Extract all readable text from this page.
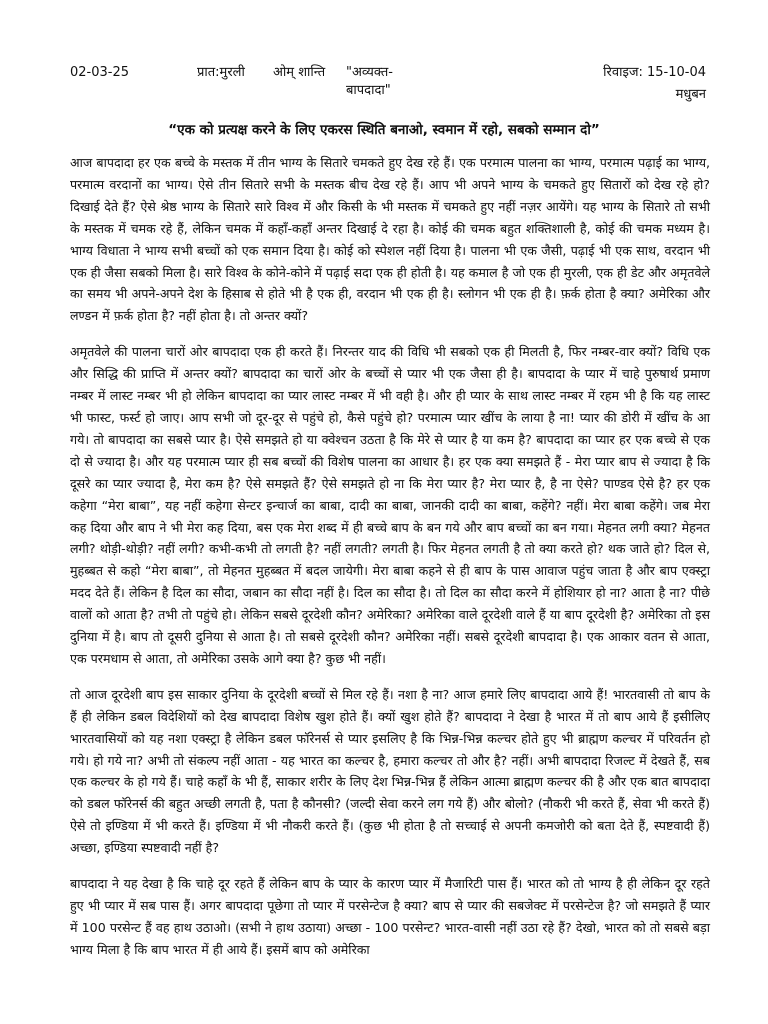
02-03-25	प्रात:मुरली ओम् शान्ति "अव्यक्त-बापदादा"
रिवाइज: 15-10-04
मधुबन
“एक को प्रत्यक्ष करने के लिए एकरस स्थिति बनाओ, स्वमान में रहो, सबको सम्मान दो”

आज बापदादा हर एक बच्चे के मस्तक में तीन भाग्य के सितारे चमकते हुए देख रहे हैं। एक परमात्म पालना का भाग्य, परमात्म पढ़ाई का भाग्य, परमात्म वरदानों का भाग्य। ऐसे तीन सितारे सभी के मस्तक बीच देख रहे हैं। आप भी अपने भाग्य के चमकते हुए सितारों को देख रहे हो? दिखाई देते हैं? ऐसे श्रेष्ठ भाग्य के सितारे सारे विश्व में और किसी के भी मस्तक में चमकते हुए नहीं नज़र आयेंगे। यह भाग्य के सितारे तो सभी के मस्तक में चमक रहे हैं, लेकिन चमक में कहाँ-कहाँ अन्तर दिखाई दे रहा है। कोई की चमक बहुत शक्तिशाली है, कोई की चमक मध्यम है। भाग्य विधाता ने भाग्य सभी बच्चों को एक समान दिया है। कोई को स्पेशल नहीं दिया है। पालना भी एक जैसी, पढ़ाई भी एक साथ, वरदान भी एक ही जैसा सबको मिला है। सारे विश्व के कोने-कोने में पढ़ाई सदा एक ही होती है। यह कमाल है जो एक ही मुरली, एक ही डेट और अमृतवेले का समय भी अपने-अपने देश के हिसाब से होते भी है एक ही, वरदान भी एक ही है। स्लोगन भी एक ही है। फ़र्क होता है क्या? अमेरिका और लण्डन में फ़र्क होता है? नहीं होता है। तो अन्तर क्यों?

अमृतवेले की पालना चारों ओर बापदादा एक ही करते हैं। निरन्तर याद की विधि भी सबको एक ही मिलती है, फिर नम्बर-वार क्यों? विधि एक और सिद्धि की प्राप्ति में अन्तर क्यों? बापदादा का चारों ओर के बच्चों से प्यार भी एक जैसा ही है। बापदादा के प्यार में चाहे पुरुषार्थ प्रमाण नम्बर में लास्ट नम्बर भी हो लेकिन बापदादा का प्यार लास्ट नम्बर में भी वही है। और ही प्यार के साथ लास्ट नम्बर में रहम भी है कि यह लास्ट भी फास्ट, फर्स्ट हो जाए। आप सभी जो दूर-दूर से पहुंचे हो, कैसे पहुंचे हो? परमात्म प्यार खींच के लाया है ना! प्यार की डोरी में खींच के आ गये। तो बापदादा का सबसे प्यार है। ऐसे समझते हो या क्वेश्चन उठता है कि मेरे से प्यार है या कम है? बापदादा का प्यार हर एक बच्चे से एक दो से ज्यादा है। और यह परमात्म प्यार ही सब बच्चों की विशेष पालना का आधार है। हर एक क्या समझते हैं - मेरा प्यार बाप से ज्यादा है कि दूसरे का प्यार ज्यादा है, मेरा कम है? ऐसे समझते हैं? ऐसे समझते हो ना कि मेरा प्यार है? मेरा प्यार है, है ना ऐसे? पाण्डव ऐसे है? हर एक कहेगा “मेरा बाबा”, यह नहीं कहेगा सेन्टर इन्चार्ज का बाबा, दादी का बाबा, जानकी दादी का बाबा, कहेंगे? नहीं। मेरा बाबा कहेंगे। जब मेरा कह दिया और बाप ने भी मेरा कह दिया, बस एक मेरा शब्द में ही बच्चे बाप के बन गये और बाप बच्चों का बन गया। मेहनत लगी क्या? मेहनत लगी? थोड़ी-थोड़ी? नहीं लगी? कभी-कभी तो लगती है? नहीं लगती? लगती है। फिर मेहनत लगती है तो क्या करते हो? थक जाते हो? दिल से, मुहब्बत से कहो “मेरा बाबा”, तो मेहनत मुहब्बत में बदल जायेगी। मेरा बाबा कहने से ही बाप के पास आवाज पहुंच जाता है और बाप एक्स्ट्रा मदद देते हैं। लेकिन है दिल का सौदा, जबान का सौदा नहीं है। दिल का सौदा है। तो दिल का सौदा करने में होशियार हो ना? आता है ना? पीछे वालों को आता है? तभी तो पहुंचे हो। लेकिन सबसे दूरदेशी कौन? अमेरिका? अमेरिका वाले दूरदेशी वाले हैं या बाप दूरदेशी है? अमेरिका तो इस दुनिया में है। बाप तो दूसरी दुनिया से आता है। तो सबसे दूरदेशी कौन? अमेरिका नहीं। सबसे दूरदेशी बापदादा है। एक आकार वतन से आता, एक परमधाम से आता, तो अमेरिका उसके आगे क्या है? कुछ भी नहीं।

तो आज दूरदेशी बाप इस साकार दुनिया के दूरदेशी बच्चों से मिल रहे हैं। नशा है ना? आज हमारे लिए बापदादा आये हैं! भारतवासी तो बाप के हैं ही लेकिन डबल विदेशियों को देख बापदादा विशेष खुश होते हैं। क्यों खुश होते हैं? बापदादा ने देखा है भारत में तो बाप आये हैं इसीलिए भारतवासियों को यह नशा एक्स्ट्रा है लेकिन डबल फॉरेनर्स से प्यार इसलिए है कि भिन्न-भिन्न कल्चर होते हुए भी ब्राह्मण कल्चर में परिवर्तन हो गये। हो गये ना? अभी तो संकल्प नहीं आता - यह भारत का कल्चर है, हमारा कल्चर तो और है? नहीं। अभी बापदादा रिजल्ट में देखते हैं, सब एक कल्चर के हो गये हैं। चाहे कहाँ के भी हैं, साकार शरीर के लिए देश भिन्न-भिन्न हैं लेकिन आत्मा ब्राह्मण कल्चर की है और एक बात बापदादा को डबल फॉरेनर्स की बहुत अच्छी लगती है, पता है कौनसी? (जल्दी सेवा करने लग गये हैं) और बोलो? (नौकरी भी करते हैं, सेवा भी करते हैं) ऐसे तो इण्डिया में भी करते हैं। इण्डिया में भी नौकरी करते हैं। (कुछ भी होता है तो सच्चाई से अपनी कमजोरी को बता देते हैं, स्पष्टवादी हैं) अच्छा, इण्डिया स्पष्टवादी नहीं है?

बापदादा ने यह देखा है कि चाहे दूर रहते हैं लेकिन बाप के प्यार के कारण प्यार में मैजारिटी पास हैं। भारत को तो भाग्य है ही लेकिन दूर रहते हुए भी प्यार में सब पास हैं। अगर बापदादा पूछेगा तो प्यार में परसेन्टेज है क्या? बाप से प्यार की सबजेक्ट में परसेन्टेज है? जो समझते हैं प्यार में 100 परसेन्ट हैं वह हाथ उठाओ। (सभी ने हाथ उठाया) अच्छा - 100 परसेन्ट? भारत-वासी नहीं उठा रहे हैं? देखो, भारत को तो सबसे बड़ा भाग्य मिला है कि बाप भारत में ही आये हैं। इसमें बाप को अमेरिका
